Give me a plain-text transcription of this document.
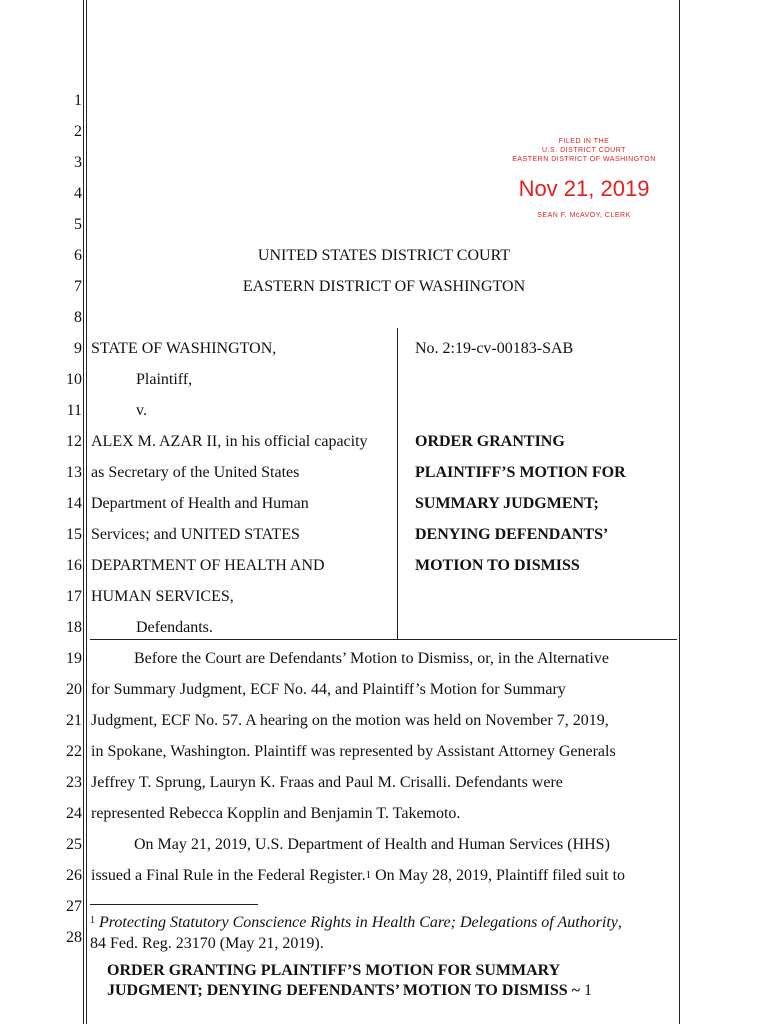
1
2
3
4
5
6
7
8
9
10
11
12
13
14
15
16
17
18
19
20
21
22
23
24
25
26
27
28
FILED IN THE
U.S. DISTRICT COURT
EASTERN DISTRICT OF WASHINGTON
Nov 21, 2019
SEAN F. McAVOY, CLERK
UNITED STATES DISTRICT COURT
EASTERN DISTRICT OF WASHINGTON
STATE OF WASHINGTON,
Plaintiff,
v.
ALEX M. AZAR II, in his official capacity
as Secretary of the United States
Department of Health and Human
Services; and UNITED STATES
DEPARTMENT OF HEALTH AND
HUMAN SERVICES,
Defendants.
No. 2:19-cv-00183-SAB
ORDER GRANTING
PLAINTIFF’S MOTION FOR
SUMMARY JUDGMENT;
DENYING DEFENDANTS’
MOTION TO DISMISS
Before the Court are Defendants’ Motion to Dismiss, or, in the Alternative
for Summary Judgment, ECF No. 44, and Plaintiff’s Motion for Summary
Judgment, ECF No. 57. A hearing on the motion was held on November 7, 2019,
in Spokane, Washington. Plaintiff was represented by Assistant Attorney Generals
Jeffrey T. Sprung, Lauryn K. Fraas and Paul M. Crisalli. Defendants were
represented Rebecca Kopplin and Benjamin T. Takemoto.
On May 21, 2019, U.S. Department of Health and Human Services (HHS)
issued a Final Rule in the Federal Register.$^1$ On May 28, 2019, Plaintiff filed suit to
$^1$ Protecting Statutory Conscience Rights in Health Care; Delegations of Authority,
84 Fed. Reg. 23170 (May 21, 2019).
ORDER GRANTING PLAINTIFF’S MOTION FOR SUMMARY
JUDGMENT; DENYING DEFENDANTS’ MOTION TO DISMISS ~ 1
